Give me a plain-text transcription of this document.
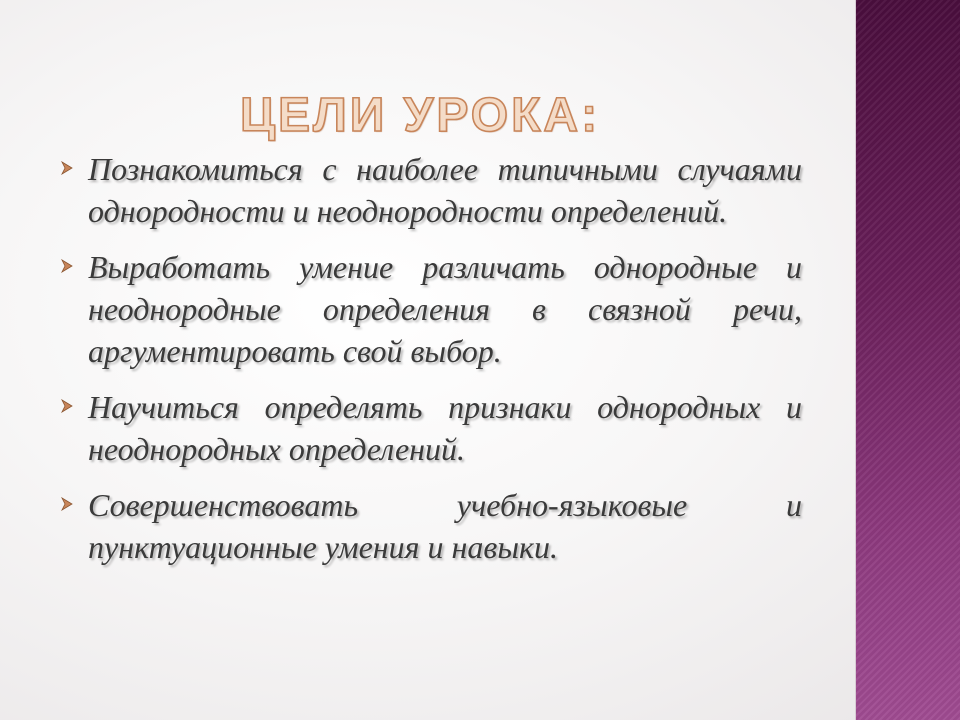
ЦЕЛИ УРОКА:
Познакомиться с наиболее типичными случаями однородности и неоднородности определений.
Выработать умение различать однородные и неоднородные определения в связной речи, аргументировать свой выбор.
Научиться определять признаки однородных и неоднородных определений.
Совершенствовать учебно-языковые и пунктуационные умения и навыки.
